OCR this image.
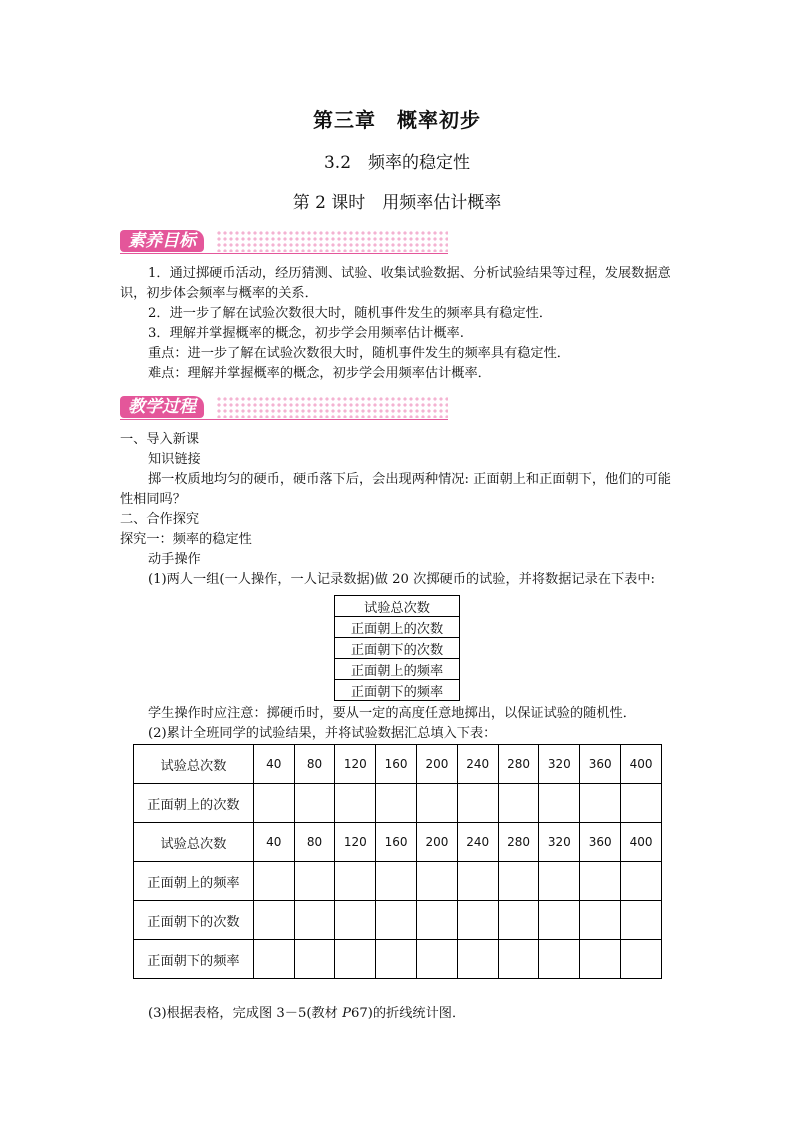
第三章　概率初步
3.2　频率的稳定性
第 2 课时　用频率估计概率
素养目标
1．通过掷硬币活动，经历猜测、试验、收集试验数据、分析试验结果等过程，发展数据意识，初步体会频率与概率的关系．
2．进一步了解在试验次数很大时，随机事件发生的频率具有稳定性．
3．理解并掌握概率的概念，初步学会用频率估计概率.
重点：进一步了解在试验次数很大时，随机事件发生的频率具有稳定性．
难点：理解并掌握概率的概念，初步学会用频率估计概率．
教学过程
一、导入新课
知识链接
掷一枚质地均匀的硬币，硬币落下后，会出现两种情况: 正面朝上和正面朝下，他们的可能性相同吗？
二、合作探究
探究一：频率的稳定性
动手操作
(1)两人一组(一人操作，一人记录数据)做 20 次掷硬币的试验，并将数据记录在下表中:
试验总次数
正面朝上的次数
正面朝下的次数
正面朝上的频率
正面朝下的频率
学生操作时应注意：掷硬币时，要从一定的高度任意地掷出，以保证试验的随机性．
(2)累计全班同学的试验结果，并将试验数据汇总填入下表：
试验总次数	40	80	120	160	200	240	280	320	360	400
正面朝上的次数										
试验总次数	40	80	120	160	200	240	280	320	360	400
正面朝上的频率										
正面朝下的次数										
正面朝下的频率										
(3)根据表格，完成图 3－5(教材 P67)的折线统计图．
